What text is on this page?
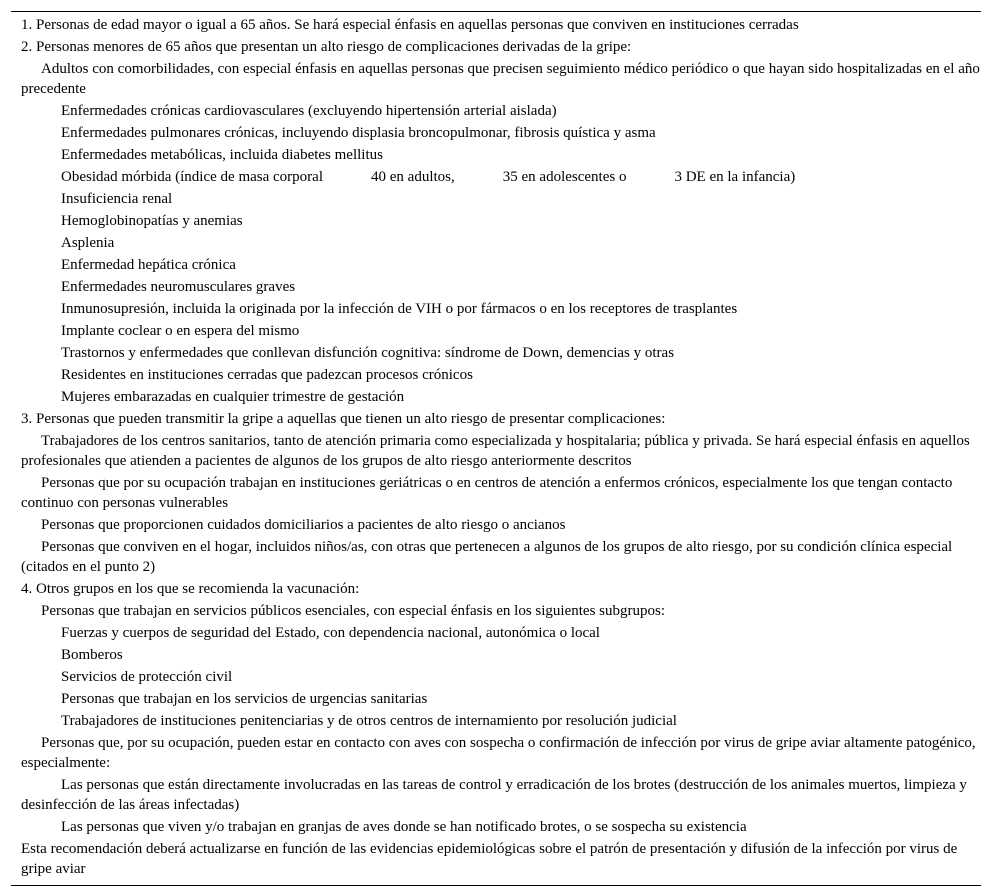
1. Personas de edad mayor o igual a 65 años. Se hará especial énfasis en aquellas personas que conviven en instituciones cerradas

2. Personas menores de 65 años que presentan un alto riesgo de complicaciones derivadas de la gripe:

Adultos con comorbilidades, con especial énfasis en aquellas personas que precisen seguimiento médico periódico o que hayan sido hospitalizadas en el año precedente

Enfermedades crónicas cardiovasculares (excluyendo hipertensión arterial aislada)

Enfermedades pulmonares crónicas, incluyendo displasia broncopulmonar, fibrosis quística y asma

Enfermedades metabólicas, incluida diabetes mellitus

Obesidad mórbida (índice de masa corporal	40 en adultos,	35 en adolescentes o	3 DE en la infancia)

Insuficiencia renal

Hemoglobinopatías y anemias

Asplenia

Enfermedad hepática crónica

Enfermedades neuromusculares graves

Inmunosupresión, incluida la originada por la infección de VIH o por fármacos o en los receptores de trasplantes

Implante coclear o en espera del mismo

Trastornos y enfermedades que conllevan disfunción cognitiva: síndrome de Down, demencias y otras

Residentes en instituciones cerradas que padezcan procesos crónicos

Mujeres embarazadas en cualquier trimestre de gestación

3. Personas que pueden transmitir la gripe a aquellas que tienen un alto riesgo de presentar complicaciones:

Trabajadores de los centros sanitarios, tanto de atención primaria como especializada y hospitalaria; pública y privada. Se hará especial énfasis en aquellos profesionales que atienden a pacientes de algunos de los grupos de alto riesgo anteriormente descritos

Personas que por su ocupación trabajan en instituciones geriátricas o en centros de atención a enfermos crónicos, especialmente los que tengan contacto continuo con personas vulnerables

Personas que proporcionen cuidados domiciliarios a pacientes de alto riesgo o ancianos

Personas que conviven en el hogar, incluidos niños/as, con otras que pertenecen a algunos de los grupos de alto riesgo, por su condición clínica especial (citados en el punto 2)

4. Otros grupos en los que se recomienda la vacunación:

Personas que trabajan en servicios públicos esenciales, con especial énfasis en los siguientes subgrupos:

Fuerzas y cuerpos de seguridad del Estado, con dependencia nacional, autonómica o local

Bomberos

Servicios de protección civil

Personas que trabajan en los servicios de urgencias sanitarias

Trabajadores de instituciones penitenciarias y de otros centros de internamiento por resolución judicial

Personas que, por su ocupación, pueden estar en contacto con aves con sospecha o confirmación de infección por virus de gripe aviar altamente patogénico, especialmente:

Las personas que están directamente involucradas en las tareas de control y erradicación de los brotes (destrucción de los animales muertos, limpieza y desinfección de las áreas infectadas)

Las personas que viven y/o trabajan en granjas de aves donde se han notificado brotes, o se sospecha su existencia

Esta recomendación deberá actualizarse en función de las evidencias epidemiológicas sobre el patrón de presentación y difusión de la infección por virus de gripe aviar
